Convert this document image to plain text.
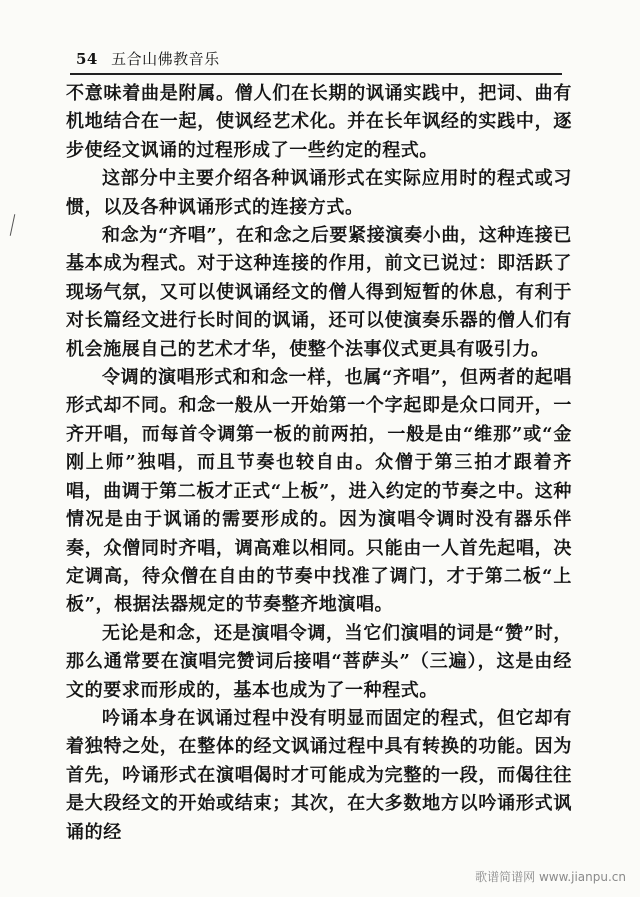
54 五合山佛教音乐

不意味着曲是附属。僧人们在长期的讽诵实践中，把词、曲有机地结合在一起，使讽经艺术化。并在长年讽经的实践中，逐步使经文讽诵的过程形成了一些约定的程式。

这部分中主要介绍各种讽诵形式在实际应用时的程式或习惯，以及各种讽诵形式的连接方式。

和念为“齐唱”，在和念之后要紧接演奏小曲，这种连接已基本成为程式。对于这种连接的作用，前文已说过：即活跃了现场气氛，又可以使讽诵经文的僧人得到短暂的休息，有利于对长篇经文进行长时间的讽诵，还可以使演奏乐器的僧人们有机会施展自己的艺术才华，使整个法事仪式更具有吸引力。

令调的演唱形式和和念一样，也属“齐唱”，但两者的起唱形式却不同。和念一般从一开始第一个字起即是众口同开，一齐开唱，而每首令调第一板的前两拍，一般是由“维那”或“金刚上师”独唱，而且节奏也较自由。众僧于第三拍才跟着齐唱，曲调于第二板才正式“上板”，进入约定的节奏之中。这种情况是由于讽诵的需要形成的。因为演唱令调时没有器乐伴奏，众僧同时齐唱，调高难以相同。只能由一人首先起唱，决定调高，待众僧在自由的节奏中找准了调门，才于第二板“上板”，根据法器规定的节奏整齐地演唱。

无论是和念，还是演唱令调，当它们演唱的词是“赞”时，那么通常要在演唱完赞词后接唱“菩萨头”（三遍），这是由经文的要求而形成的，基本也成为了一种程式。

吟诵本身在讽诵过程中没有明显而固定的程式，但它却有着独特之处，在整体的经文讽诵过程中具有转换的功能。因为首先，吟诵形式在演唱偈时才可能成为完整的一段，而偈往往是大段经文的开始或结束；其次，在大多数地方以吟诵形式讽诵的经

歌谱简谱网 www.jianpu.cn
